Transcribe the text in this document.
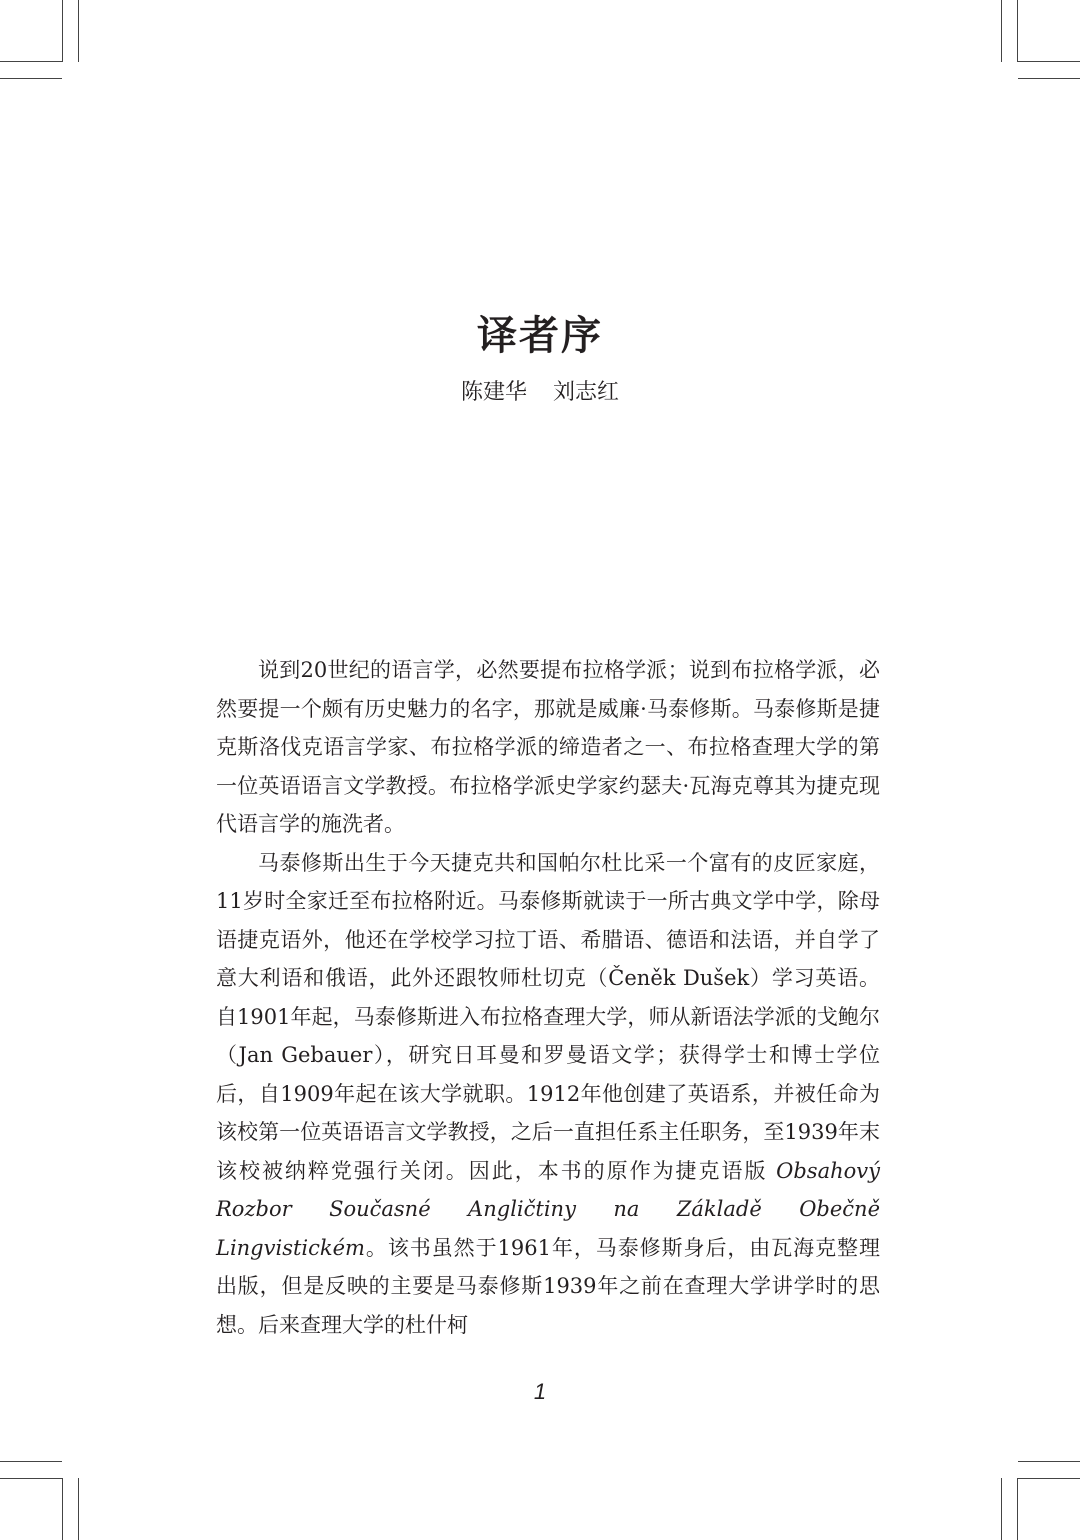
译者序
陈建华 刘志红

说到20世纪的语言学，必然要提布拉格学派；说到布拉格学派，必然要提一个颇有历史魅力的名字，那就是威廉·马泰修斯。马泰修斯是捷克斯洛伐克语言学家、布拉格学派的缔造者之一、布拉格查理大学的第一位英语语言文学教授。布拉格学派史学家约瑟夫·瓦海克尊其为捷克现代语言学的施洗者。

马泰修斯出生于今天捷克共和国帕尔杜比采一个富有的皮匠家庭，11岁时全家迁至布拉格附近。马泰修斯就读于一所古典文学中学，除母语捷克语外，他还在学校学习拉丁语、希腊语、德语和法语，并自学了意大利语和俄语，此外还跟牧师杜切克（Čeněk Dušek）学习英语。自1901年起，马泰修斯进入布拉格查理大学，师从新语法学派的戈鲍尔（Jan Gebauer），研究日耳曼和罗曼语文学；获得学士和博士学位后，自1909年起在该大学就职。1912年他创建了英语系，并被任命为该校第一位英语语言文学教授，之后一直担任系主任职务，至1939年末该校被纳粹党强行关闭。因此，本书的原作为捷克语版 Obsahový Rozbor Současné Angličtiny na Základě Obečně Lingvistickém。该书虽然于1961年，马泰修斯身后，由瓦海克整理出版，但是反映的主要是马泰修斯1939年之前在查理大学讲学时的思想。后来查理大学的杜什柯

1
